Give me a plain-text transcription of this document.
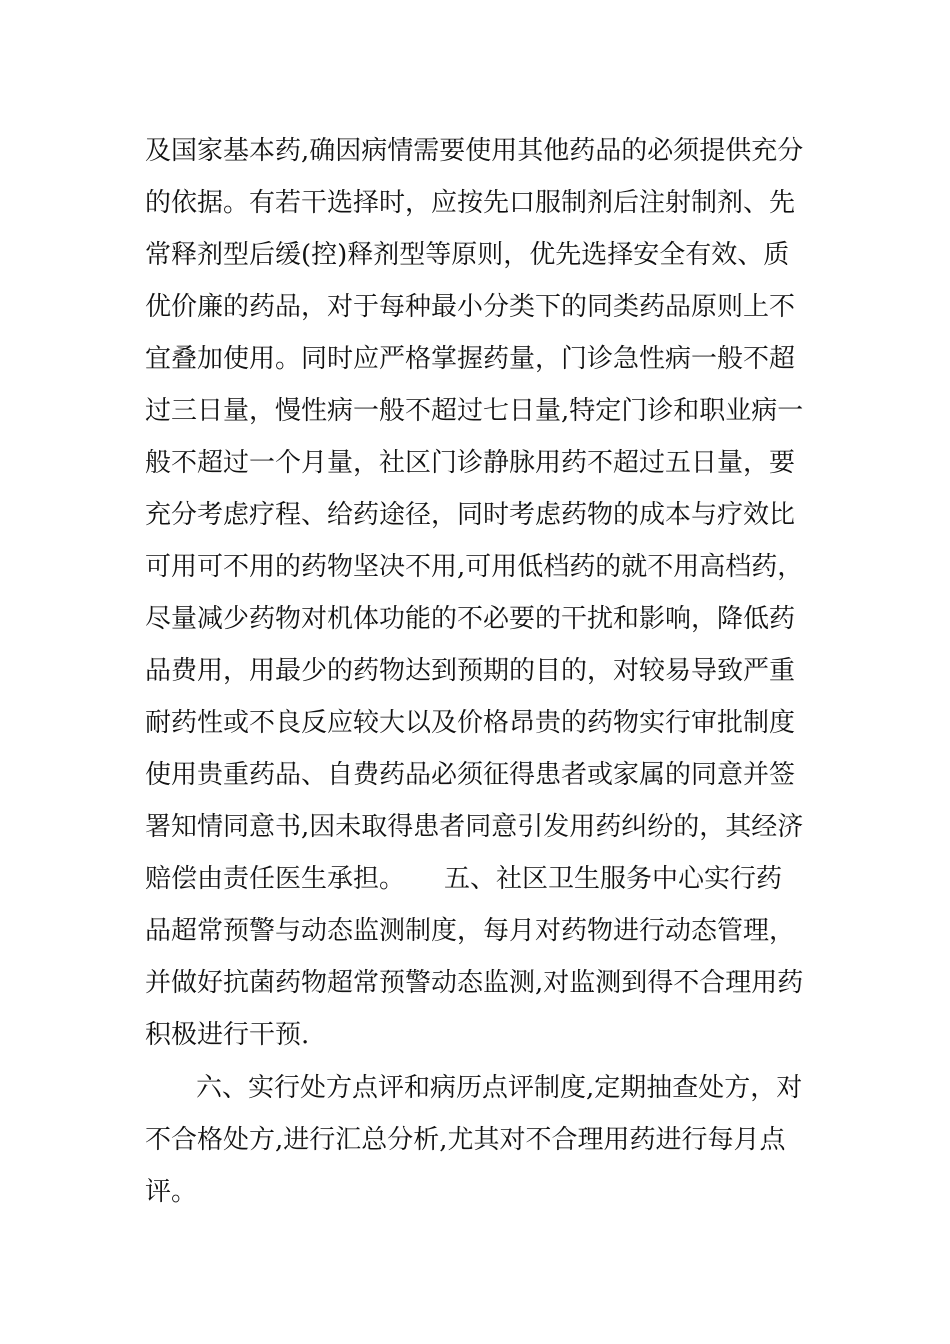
及国家基本药,确因病情需要使用其他药品的必须提供充分
的依据。有若干选择时，应按先口服制剂后注射制剂、先
常释剂型后缓(控)释剂型等原则，优先选择安全有效、质
优价廉的药品，对于每种最小分类下的同类药品原则上不
宜叠加使用。同时应严格掌握药量，门诊急性病一般不超
过三日量，慢性病一般不超过七日量,特定门诊和职业病一
般不超过一个月量，社区门诊静脉用药不超过五日量，要
充分考虑疗程、给药途径，同时考虑药物的成本与疗效比
可用可不用的药物坚决不用,可用低档药的就不用高档药，
尽量减少药物对机体功能的不必要的干扰和影响，降低药
品费用，用最少的药物达到预期的目的，对较易导致严重
耐药性或不良反应较大以及价格昂贵的药物实行审批制度
使用贵重药品、自费药品必须征得患者或家属的同意并签
署知情同意书,因未取得患者同意引发用药纠纷的，其经济
赔偿由责任医生承担。　　五、社区卫生服务中心实行药
品超常预警与动态监测制度，每月对药物进行动态管理，
并做好抗菌药物超常预警动态监测,对监测到得不合理用药
积极进行干预.
六、实行处方点评和病历点评制度,定期抽查处方，对
不合格处方,进行汇总分析,尤其对不合理用药进行每月点
评。
